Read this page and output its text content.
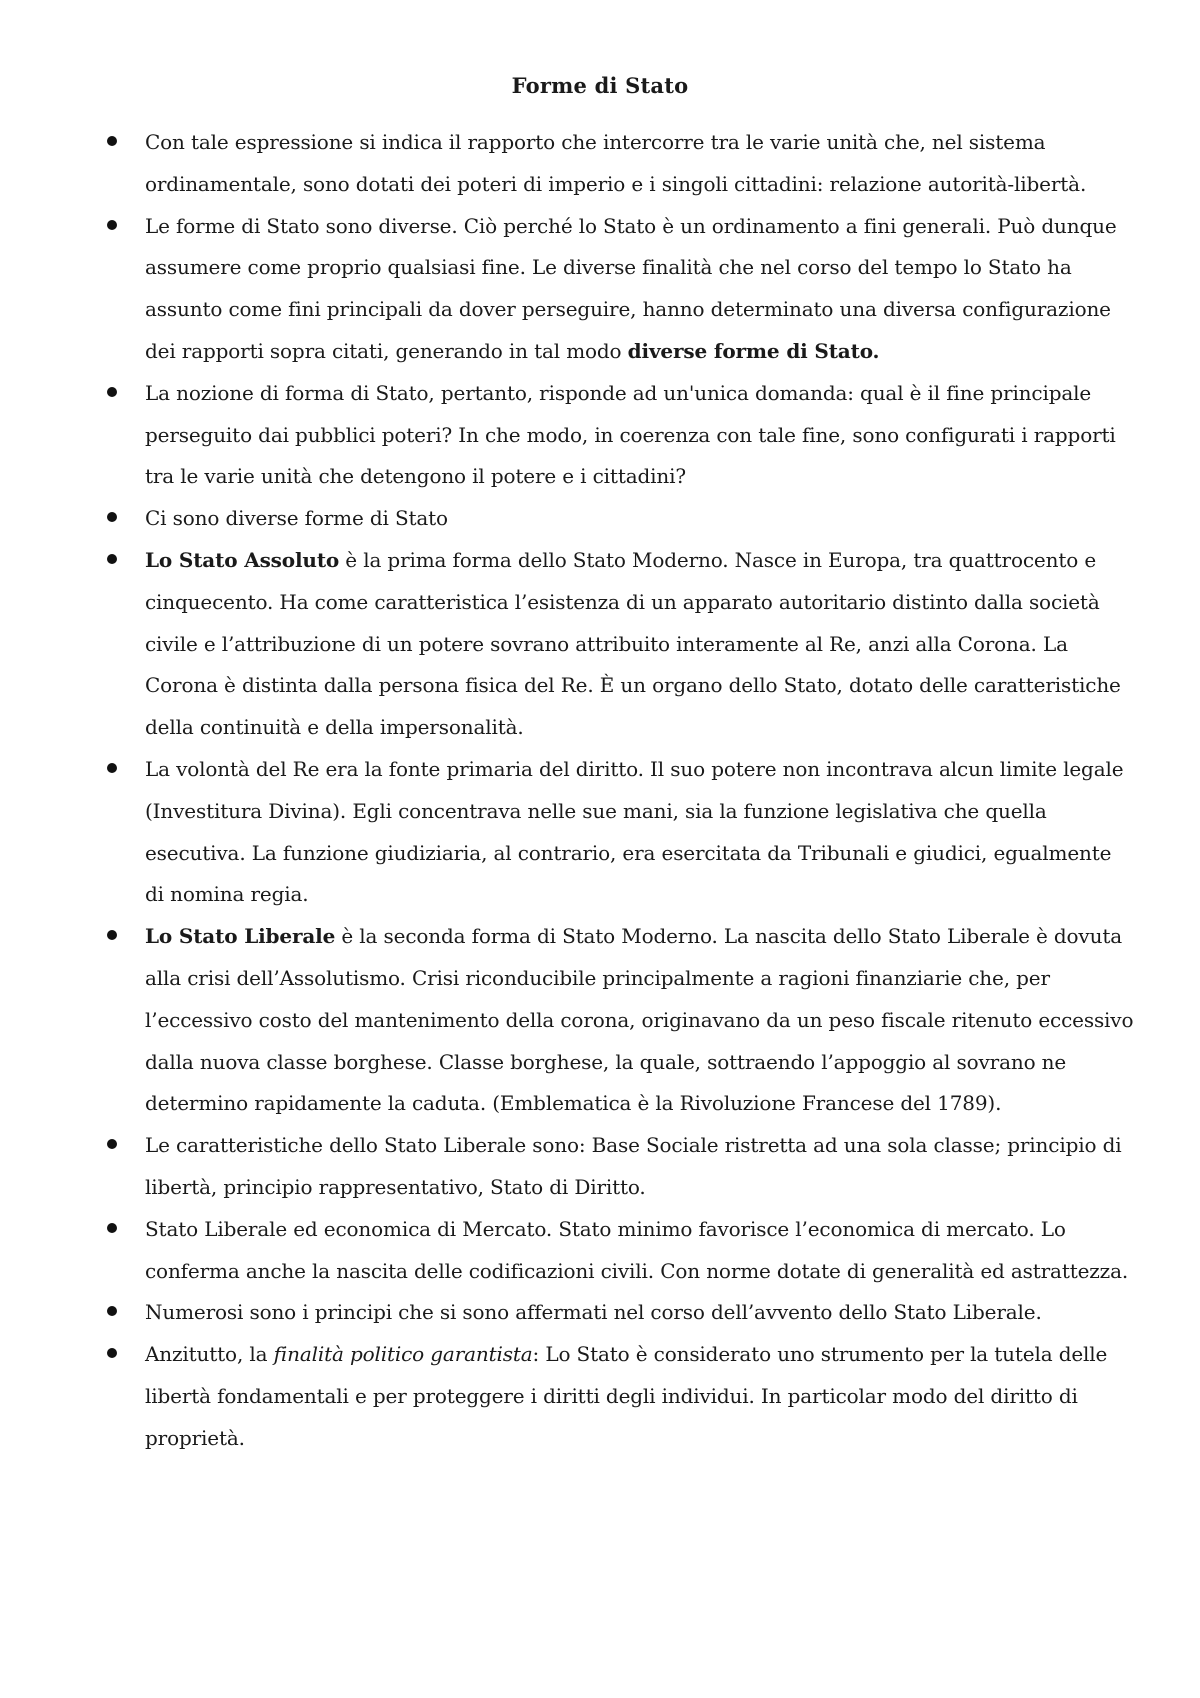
Forme di Stato
Con tale espressione si indica il rapporto che intercorre tra le varie unità che, nel sistema ordinamentale, sono dotati dei poteri di imperio e i singoli cittadini: relazione autorità-libertà.
Le forme di Stato sono diverse. Ciò perché lo Stato è un ordinamento a fini generali. Può dunque assumere come proprio qualsiasi fine. Le diverse finalità che nel corso del tempo lo Stato ha assunto come fini principali da dover perseguire, hanno determinato una diversa configurazione dei rapporti sopra citati, generando in tal modo diverse forme di Stato.
La nozione di forma di Stato, pertanto, risponde ad un'unica domanda: qual è il fine principale perseguito dai pubblici poteri? In che modo, in coerenza con tale fine, sono configurati i rapporti tra le varie unità che detengono il potere e i cittadini?
Ci sono diverse forme di Stato
Lo Stato Assoluto è la prima forma dello Stato Moderno. Nasce in Europa, tra quattrocento e cinquecento. Ha come caratteristica l’esistenza di un apparato autoritario distinto dalla società civile e l’attribuzione di un potere sovrano attribuito interamente al Re, anzi alla Corona. La Corona è distinta dalla persona fisica del Re. È un organo dello Stato, dotato delle caratteristiche della continuità e della impersonalità.
La volontà del Re era la fonte primaria del diritto. Il suo potere non incontrava alcun limite legale (Investitura Divina). Egli concentrava nelle sue mani, sia la funzione legislativa che quella esecutiva. La funzione giudiziaria, al contrario, era esercitata da Tribunali e giudici, egualmente di nomina regia.
Lo Stato Liberale è la seconda forma di Stato Moderno. La nascita dello Stato Liberale è dovuta alla crisi dell’Assolutismo. Crisi riconducibile principalmente a ragioni finanziarie che, per l’eccessivo costo del mantenimento della corona, originavano da un peso fiscale ritenuto eccessivo dalla nuova classe borghese. Classe borghese, la quale, sottraendo l’appoggio al sovrano ne determino rapidamente la caduta. (Emblematica è la Rivoluzione Francese del 1789).
Le caratteristiche dello Stato Liberale sono: Base Sociale ristretta ad una sola classe; principio di libertà, principio rappresentativo, Stato di Diritto.
Stato Liberale ed economica di Mercato. Stato minimo favorisce l’economica di mercato. Lo conferma anche la nascita delle codificazioni civili. Con norme dotate di generalità ed astrattezza.
Numerosi sono i principi che si sono affermati nel corso dell’avvento dello Stato Liberale.
Anzitutto, la finalità politico garantista: Lo Stato è considerato uno strumento per la tutela delle libertà fondamentali e per proteggere i diritti degli individui. In particolar modo del diritto di proprietà.
